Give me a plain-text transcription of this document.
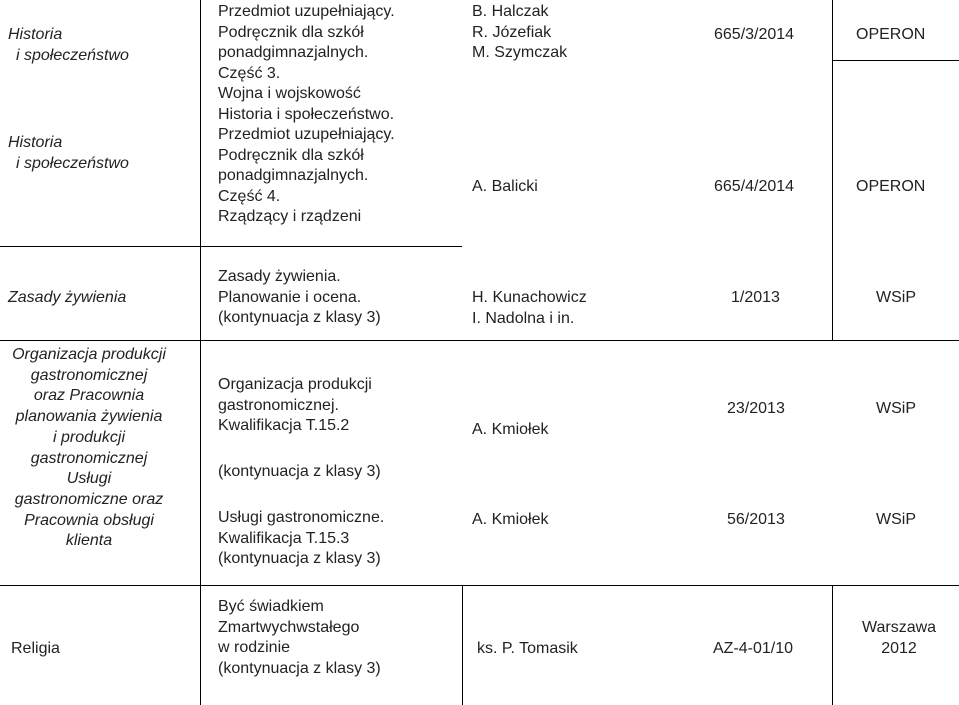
Historia
i społeczeństwo
Historia
i społeczeństwo
Przedmiot uzupełniający.
Podręcznik dla szkół
ponadgimnazjalnych.
Część 3.
Wojna i wojskowość
Historia i społeczeństwo.
Przedmiot uzupełniający.
Podręcznik dla szkół
ponadgimnazjalnych.
Część 4.
Rządzący i rządzeni
B. Halczak
R. Józefiak
M. Szymczak
A. Balicki
665/3/2014
665/4/2014
OPERON
OPERON
Zasady żywienia
Zasady żywienia.
Planowanie i ocena.
(kontynuacja z klasy 3)
H. Kunachowicz
I. Nadolna i in.
1/2013	WSiP
Organizacja produkcji
gastronomicznej
oraz Pracownia
planowania żywienia
i produkcji
gastronomicznej
Usługi
gastronomiczne oraz
Pracownia obsługi
klienta
Organizacja produkcji
gastronomicznej.
Kwalifikacja T.15.2
(kontynuacja z klasy 3)
Usługi gastronomiczne.
Kwalifikacja T.15.3
(kontynuacja z klasy 3)
A. Kmiołek
A. Kmiołek
23/2013
56/2013
WSiP
WSiP
Religia
Być świadkiem
Zmartwychwstałego
w rodzinie
(kontynuacja z klasy 3)
ks. P. Tomasik	AZ-4-01/10
Warszawa
2012
